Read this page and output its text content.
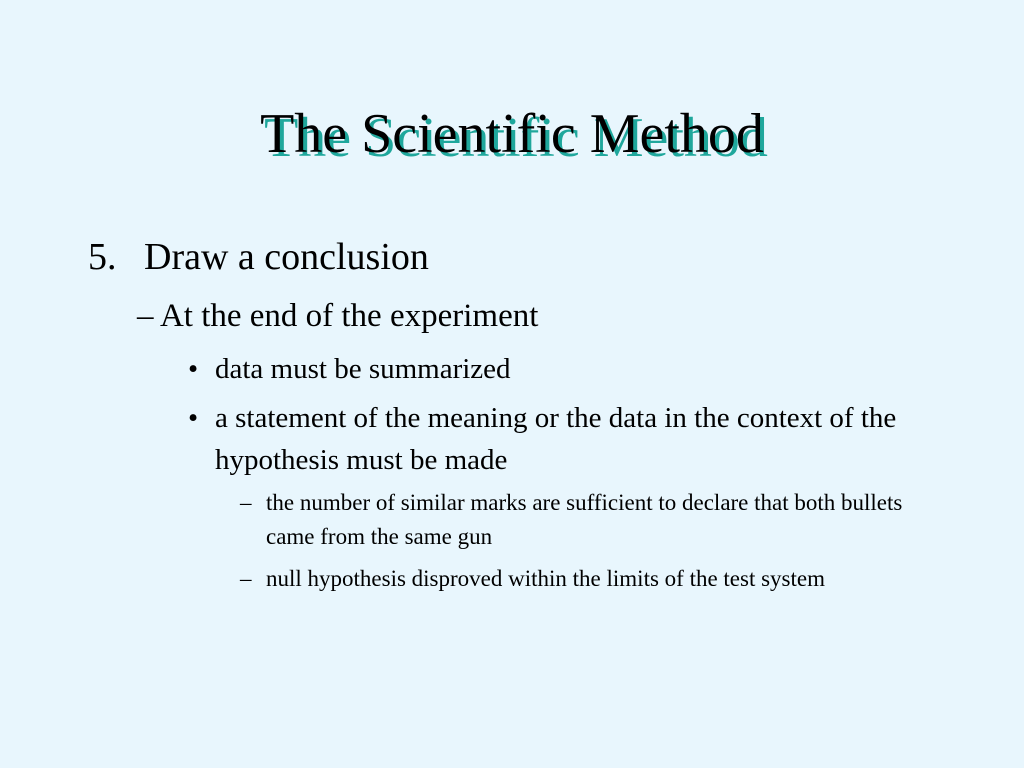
The Scientific Method
5. Draw a conclusion
– At the end of the experiment
• data must be summarized
• a statement of the meaning or the data in the context of the hypothesis must be made
– the number of similar marks are sufficient to declare that both bullets came from the same gun
– null hypothesis disproved within the limits of the test system
